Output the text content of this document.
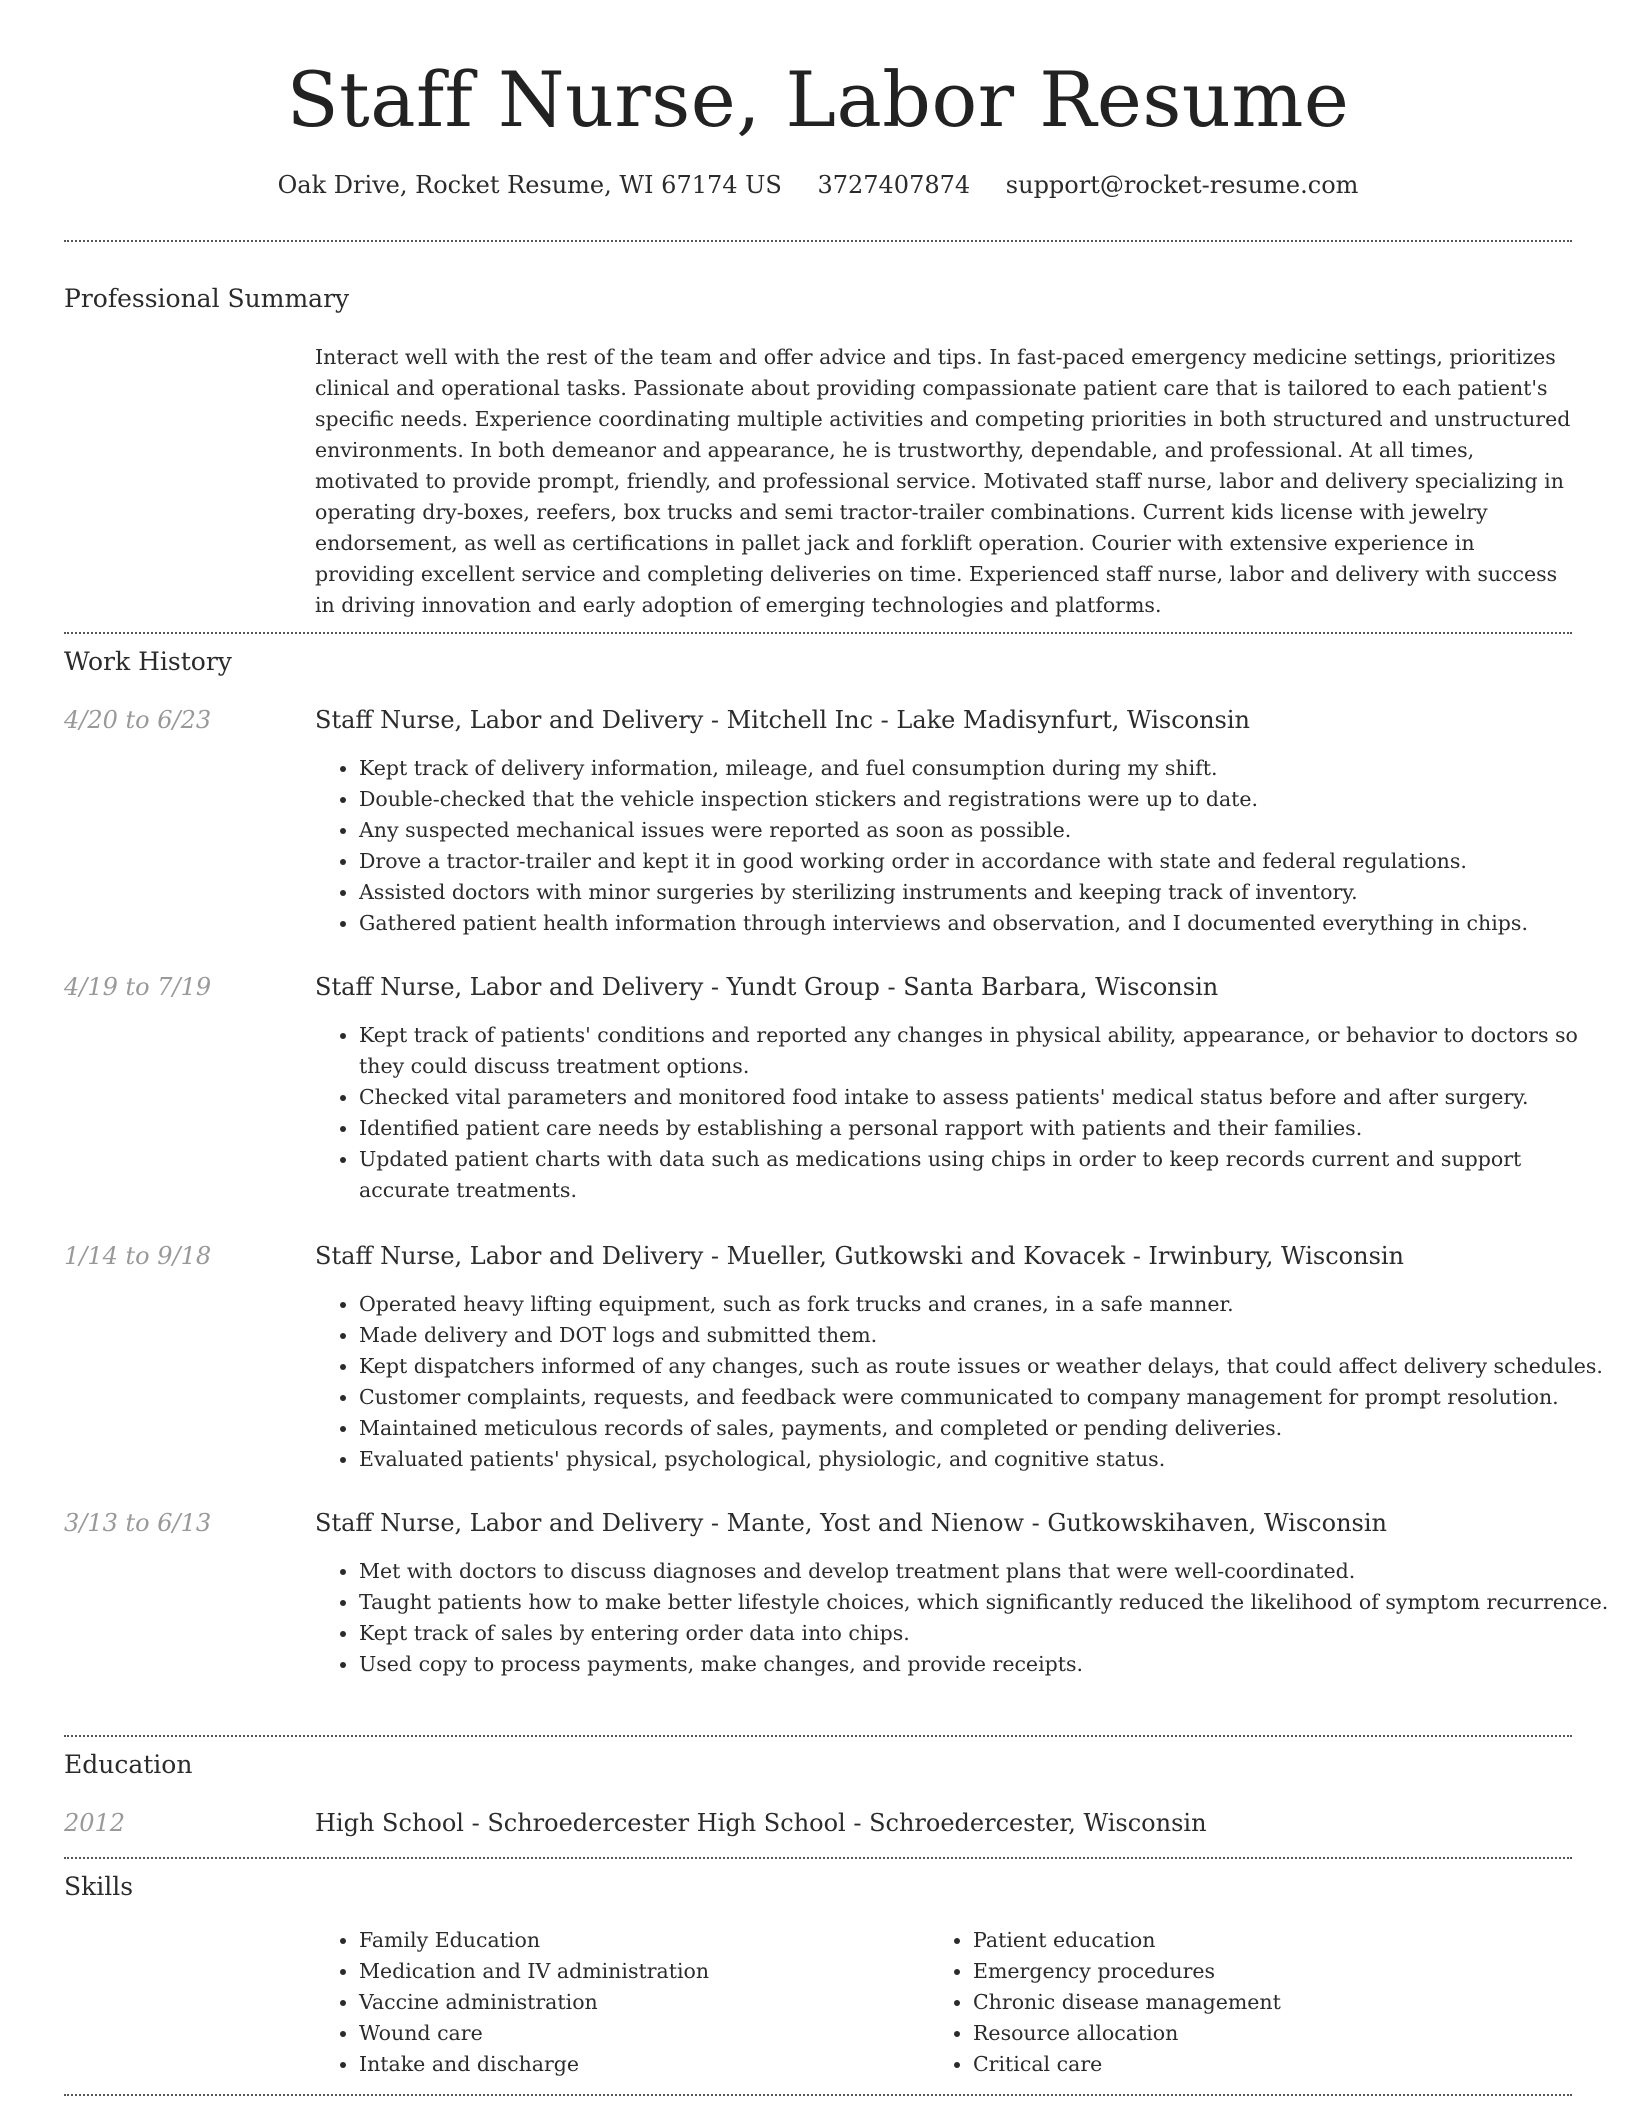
Staff Nurse, Labor Resume
Oak Drive, Rocket Resume, WI 67174 US 3727407874 support@rocket-resume.com
Professional Summary

Interact well with the rest of the team and offer advice and tips. In fast-paced emergency medicine settings, prioritizes clinical and operational tasks. Passionate about providing compassionate patient care that is tailored to each patient's specific needs. Experience coordinating multiple activities and competing priorities in both structured and unstructured environments. In both demeanor and appearance, he is trustworthy, dependable, and professional. At all times, motivated to provide prompt, friendly, and professional service. Motivated staff nurse, labor and delivery specializing in operating dry-boxes, reefers, box trucks and semi tractor-trailer combinations. Current kids license with jewelry endorsement, as well as certifications in pallet jack and forklift operation. Courier with extensive experience in providing excellent service and completing deliveries on time. Experienced staff nurse, labor and delivery with success in driving innovation and early adoption of emerging technologies and platforms.

Work History
4/20 to 6/23	Staff Nurse, Labor and Delivery - Mitchell Inc - Lake Madisynfurt, Wisconsin
• Kept track of delivery information, mileage, and fuel consumption during my shift.
• Double-checked that the vehicle inspection stickers and registrations were up to date.
• Any suspected mechanical issues were reported as soon as possible.
• Drove a tractor-trailer and kept it in good working order in accordance with state and federal regulations.
• Assisted doctors with minor surgeries by sterilizing instruments and keeping track of inventory.
• Gathered patient health information through interviews and observation, and I documented everything in chips.
4/19 to 7/19	Staff Nurse, Labor and Delivery - Yundt Group - Santa Barbara, Wisconsin
• Kept track of patients' conditions and reported any changes in physical ability, appearance, or behavior to doctors so they could discuss treatment options.
• Checked vital parameters and monitored food intake to assess patients' medical status before and after surgery.
• Identified patient care needs by establishing a personal rapport with patients and their families.
• Updated patient charts with data such as medications using chips in order to keep records current and support accurate treatments.
1/14 to 9/18	Staff Nurse, Labor and Delivery - Mueller, Gutkowski and Kovacek - Irwinbury, Wisconsin
• Operated heavy lifting equipment, such as fork trucks and cranes, in a safe manner.
• Made delivery and DOT logs and submitted them.
• Kept dispatchers informed of any changes, such as route issues or weather delays, that could affect delivery schedules.
• Customer complaints, requests, and feedback were communicated to company management for prompt resolution.
• Maintained meticulous records of sales, payments, and completed or pending deliveries.
• Evaluated patients' physical, psychological, physiologic, and cognitive status.
3/13 to 6/13	Staff Nurse, Labor and Delivery - Mante, Yost and Nienow - Gutkowskihaven, Wisconsin
• Met with doctors to discuss diagnoses and develop treatment plans that were well-coordinated.
• Taught patients how to make better lifestyle choices, which significantly reduced the likelihood of symptom recurrence.
• Kept track of sales by entering order data into chips.
• Used copy to process payments, make changes, and provide receipts.
Education
2012	High School - Schroedercester High School - Schroedercester, Wisconsin
Skills
• Family Education
• Medication and IV administration
• Vaccine administration
• Wound care
• Intake and discharge
• Patient education
• Emergency procedures
• Chronic disease management
• Resource allocation
• Critical care
